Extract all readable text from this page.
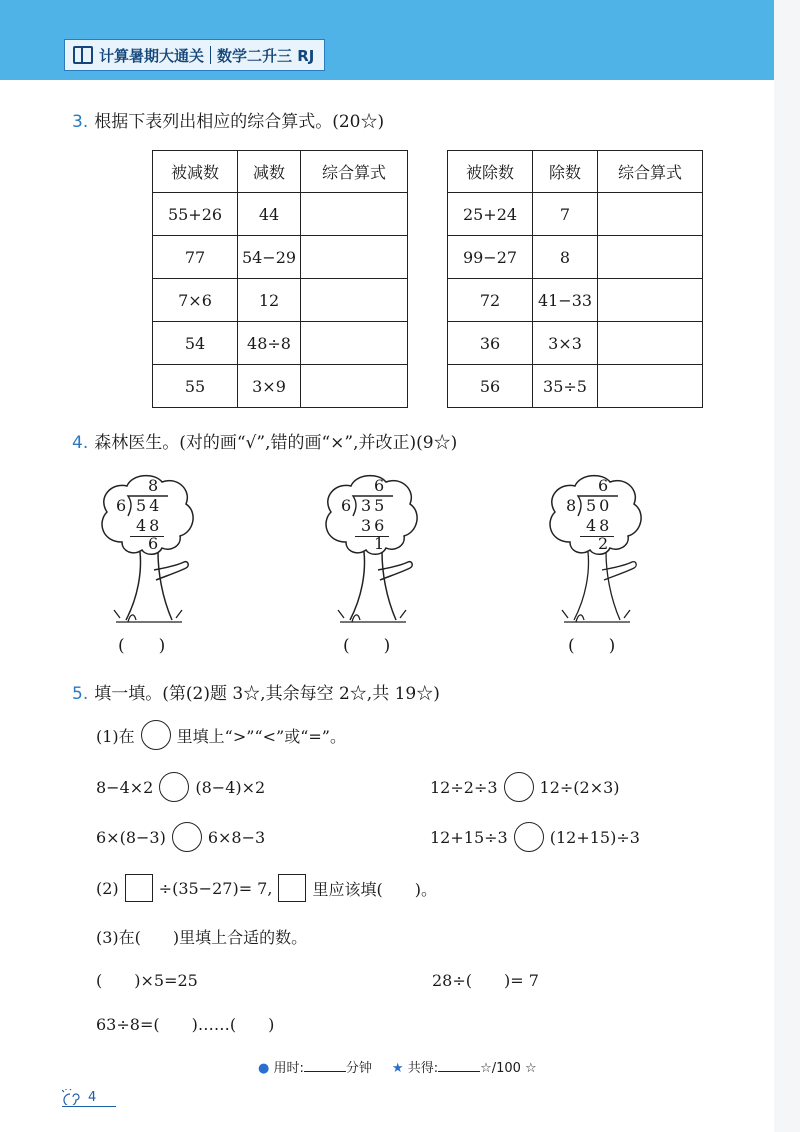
计算暑期大通关 数学二升三 RJ
3. 根据下表列出相应的综合算式。(20☆)
被减数	减数	综合算式
55+26	44	
77	54−29	
7×6	12	
54	48÷8	
55	3×9	
被除数	除数	综合算式
25+24	7	
99−27	8	
72	41−33	
36	3×3	
56	35÷5	
4. 森林医生。(对的画“√”,错的画“×”,并改正)(9☆)
8
6 54
48
6
6
6 35
36
1
6
8 50
48
2
(　　)	(　　)	(　　)
5. 填一填。(第(2)题 3☆,其余每空 2☆,共 19☆)
(1)在	里填上“>”“<”或“=”。
8−4×2	(8−4)×2	12÷2÷3	12÷(2×3)
6×(8−3)	6×8−3	12+15÷3	(12+15)÷3
(2)	÷(35−27)= 7,	里应该填(　　)。
(3)在(　　)里填上合适的数。
(　　)×5=25	28÷(　　)= 7
63÷8=(　　)……(　　)
● 用时:	分钟 ★ 共得:	☆/100 ☆
4
